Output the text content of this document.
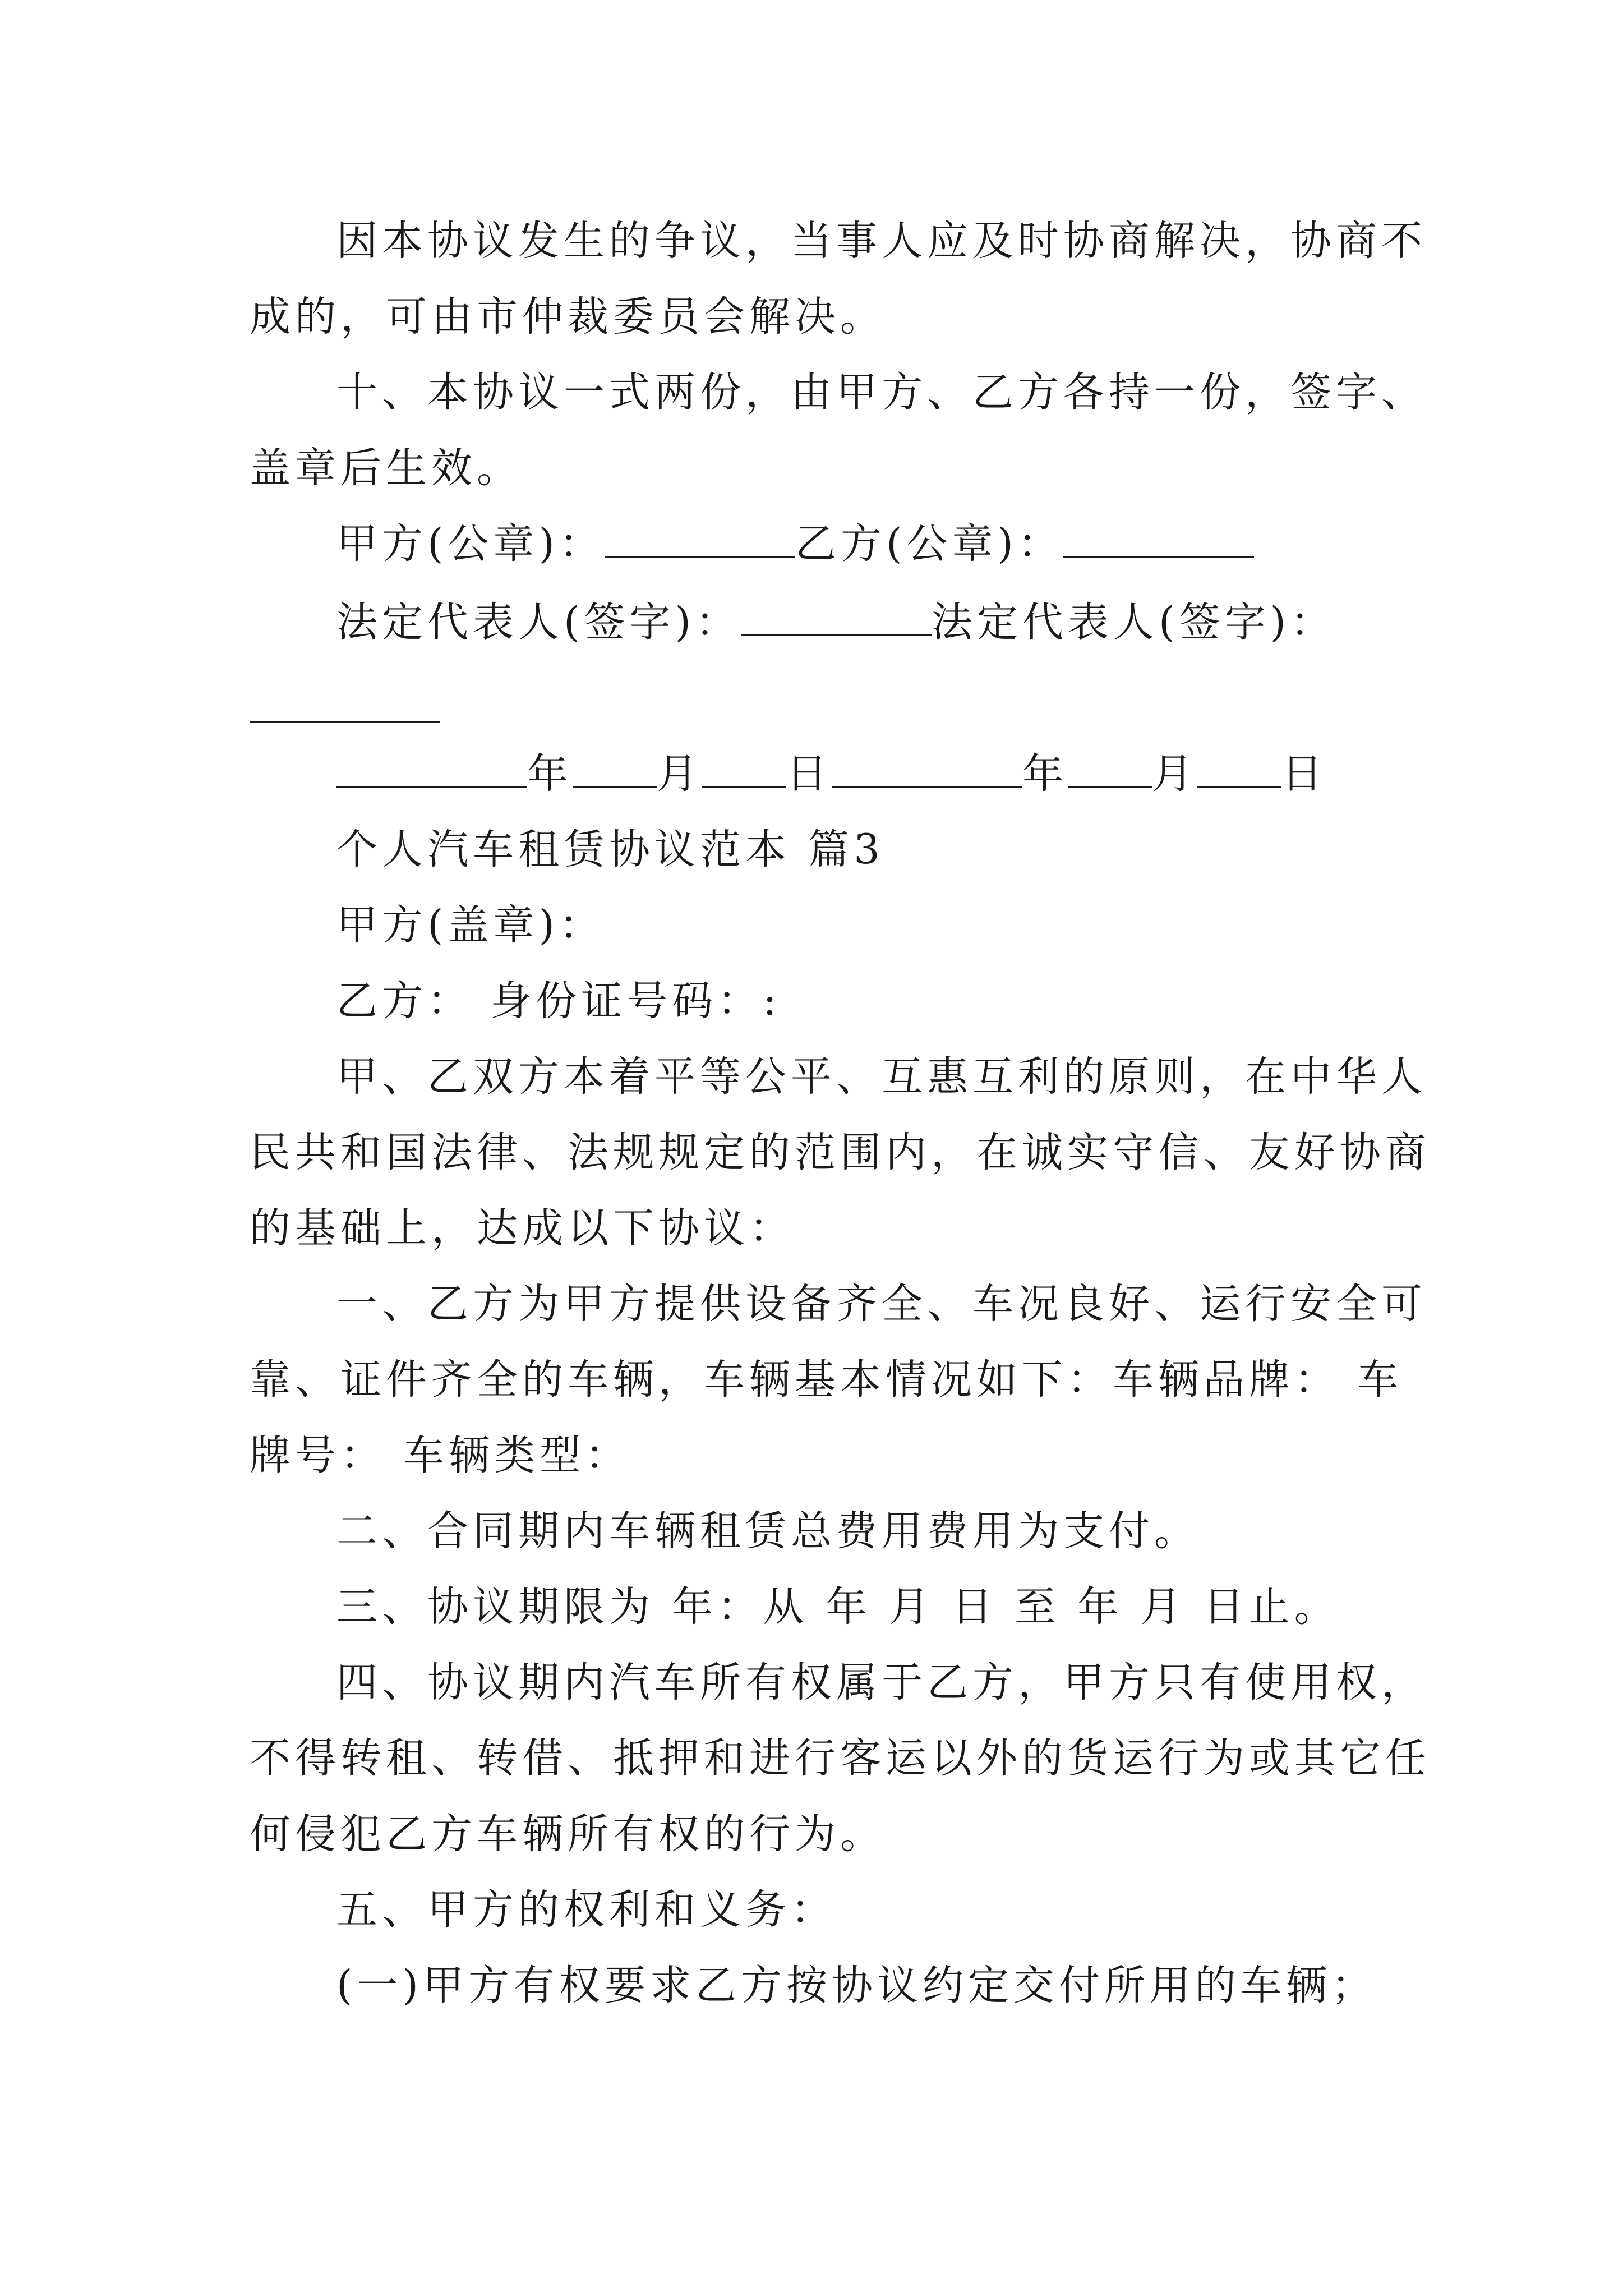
因本协议发生的争议，当事人应及时协商解决，协商不
成的，可由市仲裁委员会解决。
十、本协议一式两份，由甲方、乙方各持一份，签字、
盖章后生效。
甲方(公章)：	乙方(公章)：
法定代表人(签字)：	法定代表人(签字)：
年 月 日	年 月 日
个人汽车租赁协议范本 篇3
甲方(盖章)：
乙方： 身份证号码：:
甲、乙双方本着平等公平、互惠互利的原则，在中华人
民共和国法律、法规规定的范围内，在诚实守信、友好协商
的基础上，达成以下协议：
一、乙方为甲方提供设备齐全、车况良好、运行安全可
靠、证件齐全的车辆，车辆基本情况如下：车辆品牌： 车
牌号： 车辆类型：
二、合同期内车辆租赁总费用费用为支付。
三、协议期限为 年：从 年 月 日 至 年 月 日止。
四、协议期内汽车所有权属于乙方，甲方只有使用权，
不得转租、转借、抵押和进行客运以外的货运行为或其它任
何侵犯乙方车辆所有权的行为。
五、甲方的权利和义务：
(一)甲方有权要求乙方按协议约定交付所用的车辆；
